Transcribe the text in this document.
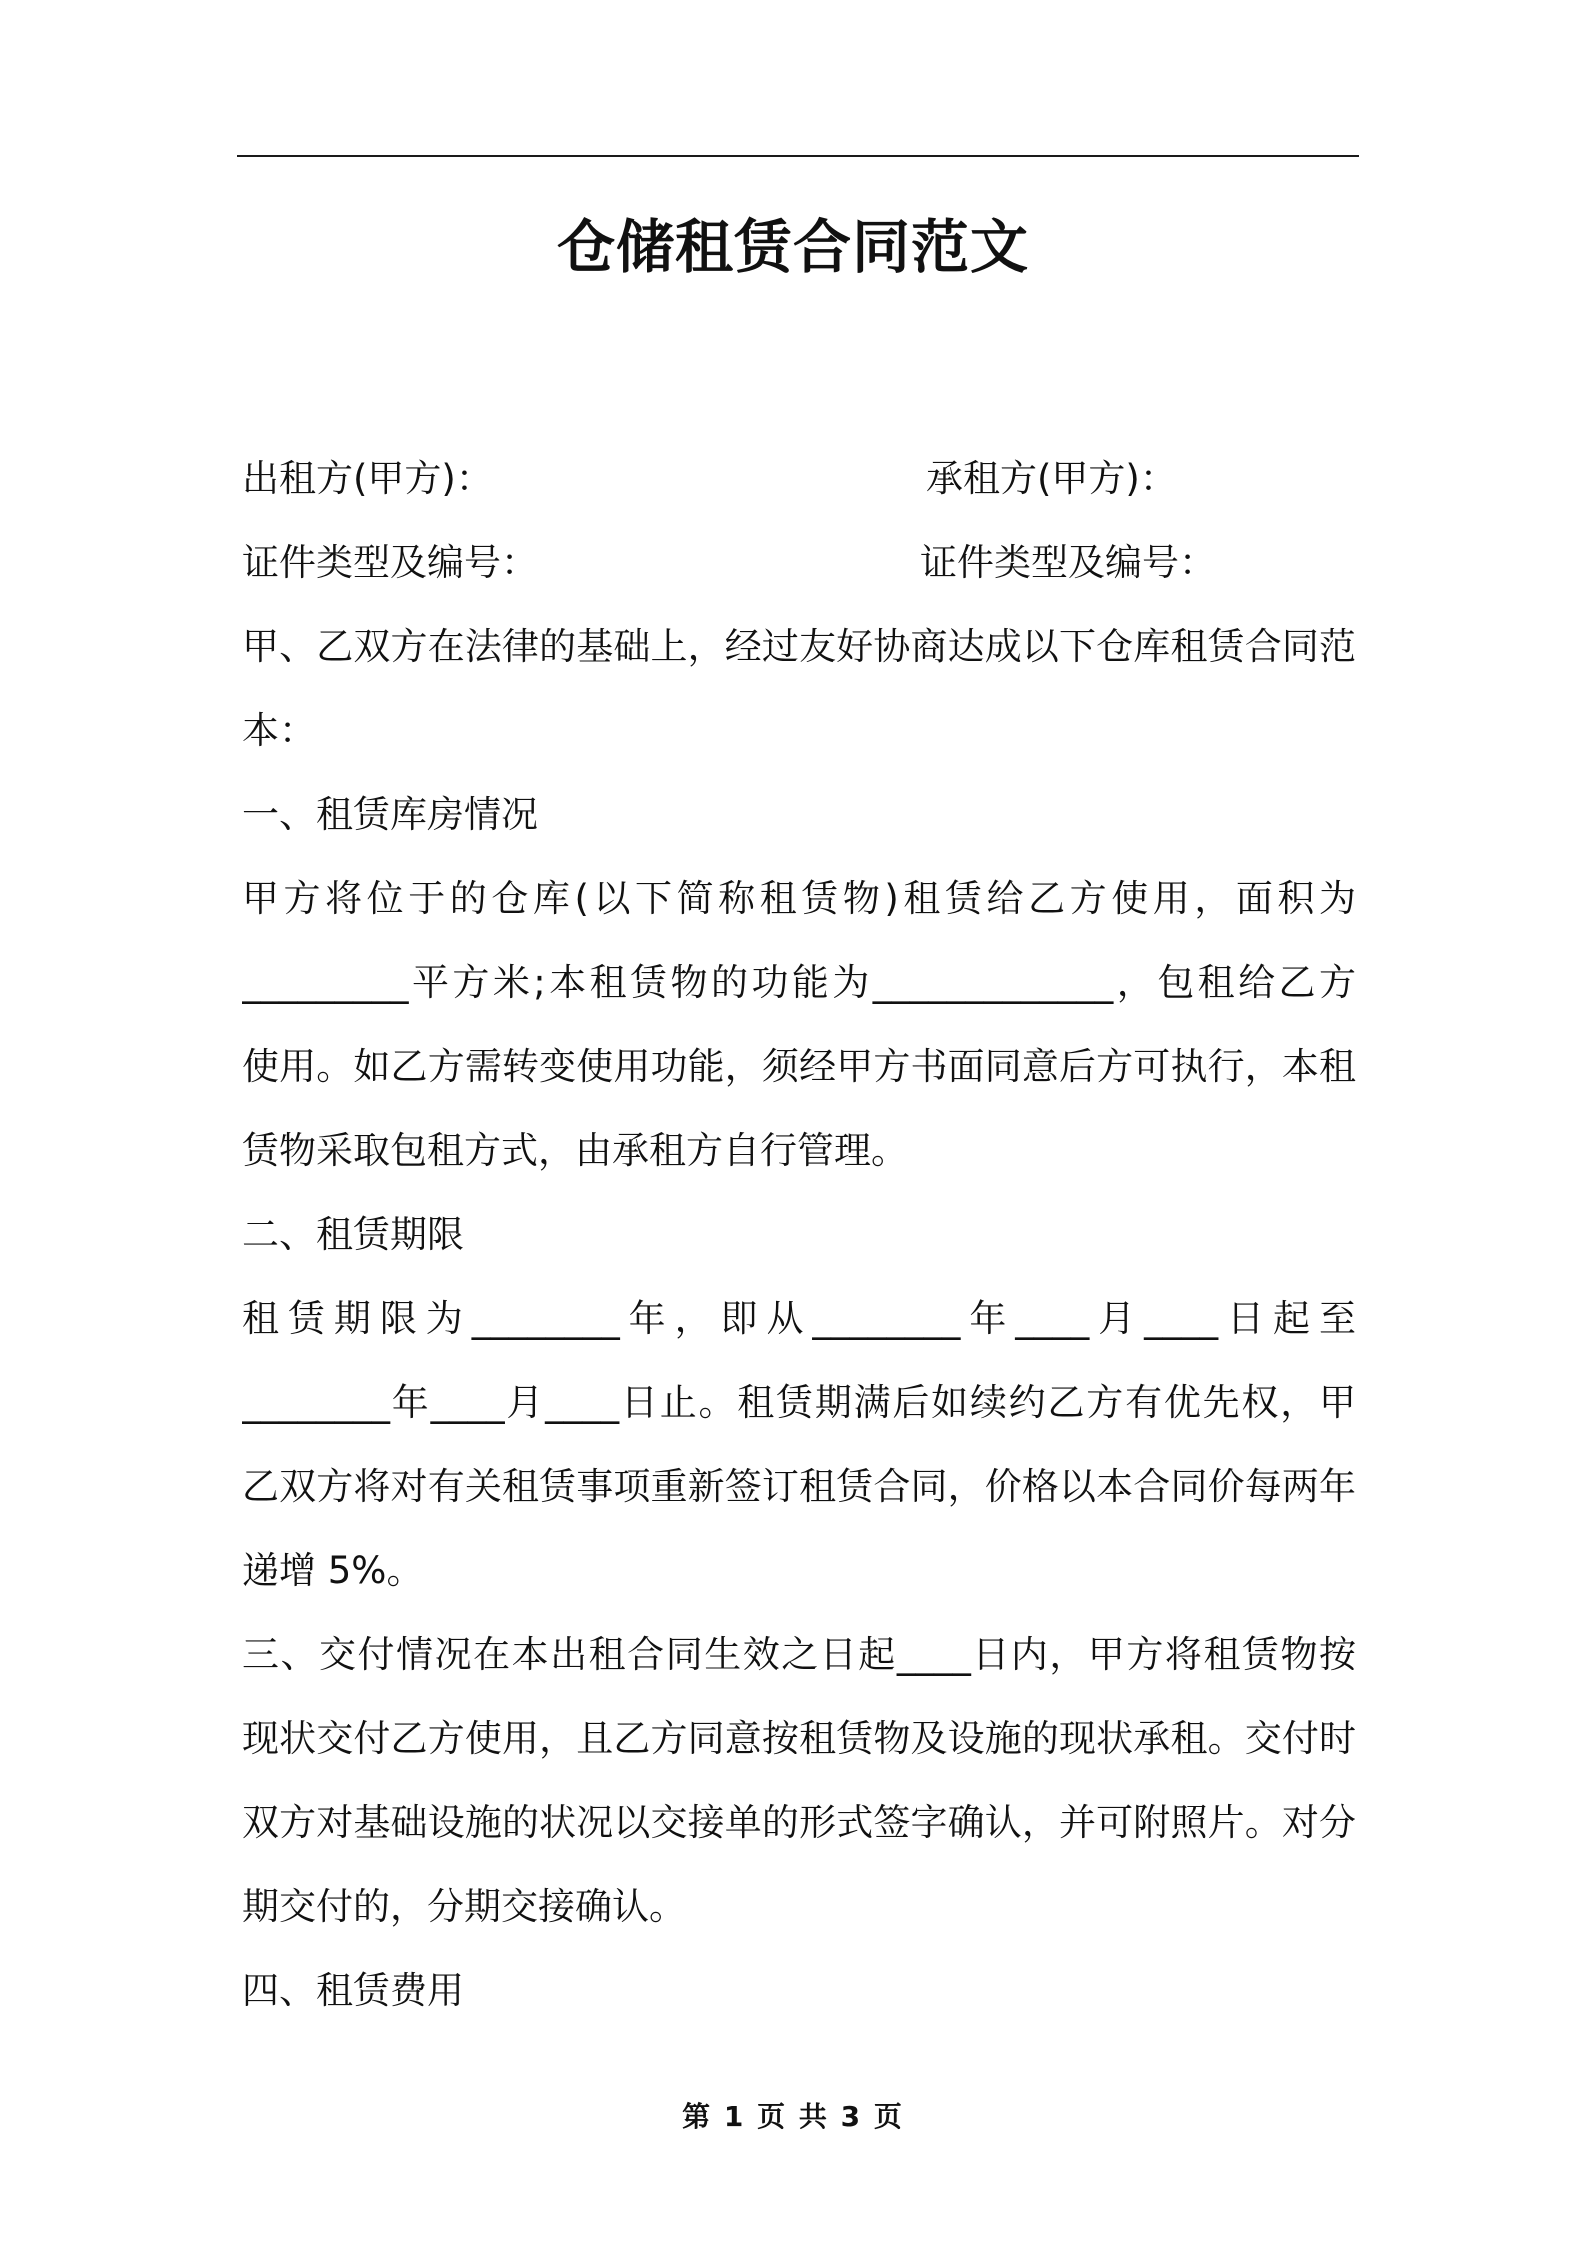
仓储租赁合同范文
出租方(甲方)：	承租方(甲方)：
证件类型及编号：	证件类型及编号：
甲、乙双方在法律的基础上，经过友好协商达成以下仓库租赁合同范
本：
一、租赁库房情况
甲方将位于的仓库(以下简称租赁物)租赁给乙方使用，面积为
_________平方米;本租赁物的功能为_____________，包租给乙方
使用。如乙方需转变使用功能，须经甲方书面同意后方可执行，本租
赁物采取包租方式，由承租方自行管理。
二、租赁期限
租赁期限为________年，即从________年____月____日起至
________年____月____日止。租赁期满后如续约乙方有优先权，甲
乙双方将对有关租赁事项重新签订租赁合同，价格以本合同价每两年
递增 5%。
三、交付情况在本出租合同生效之日起____日内，甲方将租赁物按
现状交付乙方使用，且乙方同意按租赁物及设施的现状承租。交付时
双方对基础设施的状况以交接单的形式签字确认，并可附照片。对分
期交付的，分期交接确认。
四、租赁费用
第 1 页 共 3 页
